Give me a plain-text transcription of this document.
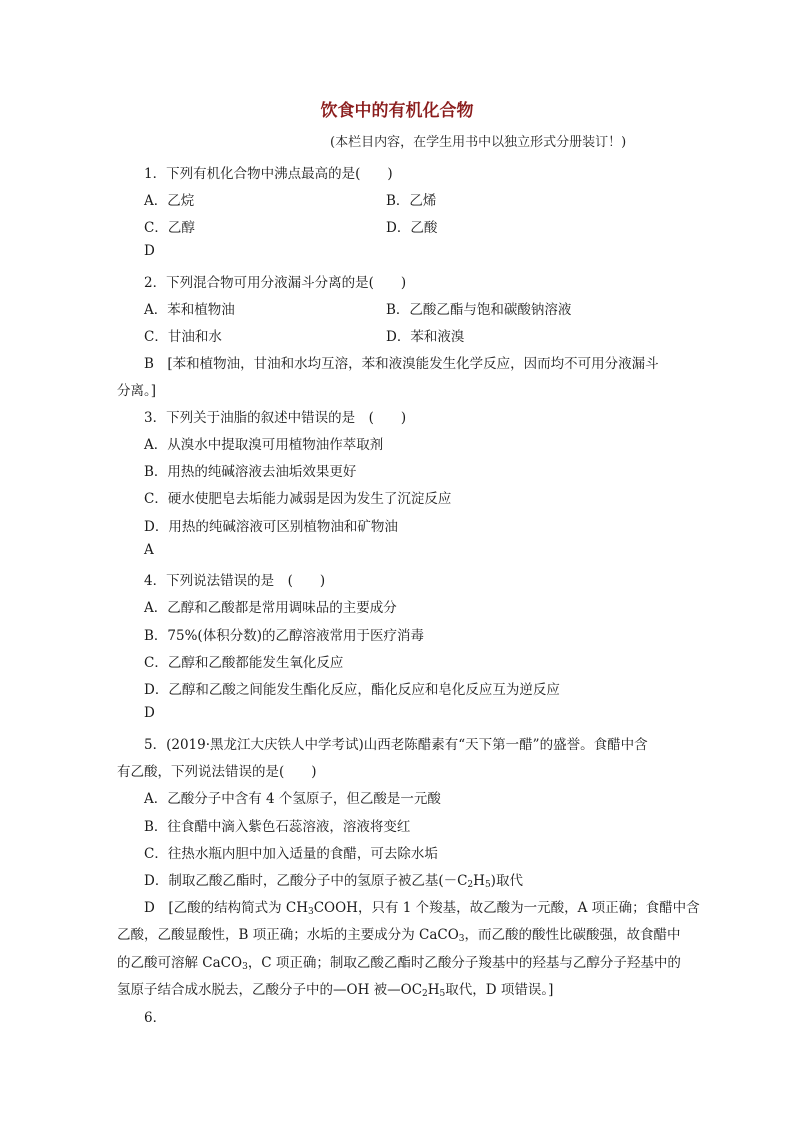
饮食中的有机化合物
(本栏目内容，在学生用书中以独立形式分册装订！)
1．下列有机化合物中沸点最高的是(　　)
A．乙烷	B．乙烯
C．乙醇	D．乙酸
D
2．下列混合物可用分液漏斗分离的是(　　)
A．苯和植物油	B．乙酸乙酯与饱和碳酸钠溶液
C．甘油和水	D．苯和液溴
B　[苯和植物油，甘油和水均互溶，苯和液溴能发生化学反应，因而均不可用分液漏斗
分离。]
3．下列关于油脂的叙述中错误的是　(　　)
A．从溴水中提取溴可用植物油作萃取剂
B．用热的纯碱溶液去油垢效果更好
C．硬水使肥皂去垢能力减弱是因为发生了沉淀反应
D．用热的纯碱溶液可区别植物油和矿物油
A
4．下列说法错误的是　(　　)
A．乙醇和乙酸都是常用调味品的主要成分
B．75%(体积分数)的乙醇溶液常用于医疗消毒
C．乙醇和乙酸都能发生氧化反应
D．乙醇和乙酸之间能发生酯化反应，酯化反应和皂化反应互为逆反应
D
5．(2019·黑龙江大庆铁人中学考试)山西老陈醋素有“天下第一醋”的盛誉。食醋中含
有乙酸，下列说法错误的是(　　)
A．乙酸分子中含有 4 个氢原子，但乙酸是一元酸
B．往食醋中滴入紫色石蕊溶液，溶液将变红
C．往热水瓶内胆中加入适量的食醋，可去除水垢
D．制取乙酸乙酯时，乙酸分子中的氢原子被乙基$(-C_2H_5)$取代
D　[乙酸的结构简式为 $CH_3COOH$，只有 1 个羧基，故乙酸为一元酸，A 项正确；食醋中含
乙酸，乙酸显酸性，B 项正确；水垢的主要成分为 CaCO$_3$，而乙酸的酸性比碳酸强，故食醋中
的乙酸可溶解 CaCO$_3$，C 项正确；制取乙酸乙酯时乙酸分子羧基中的羟基与乙醇分子羟基中的
氢原子结合成水脱去，乙酸分子中的—OH 被$—OC_2H_5$取代，D 项错误。]
6．
